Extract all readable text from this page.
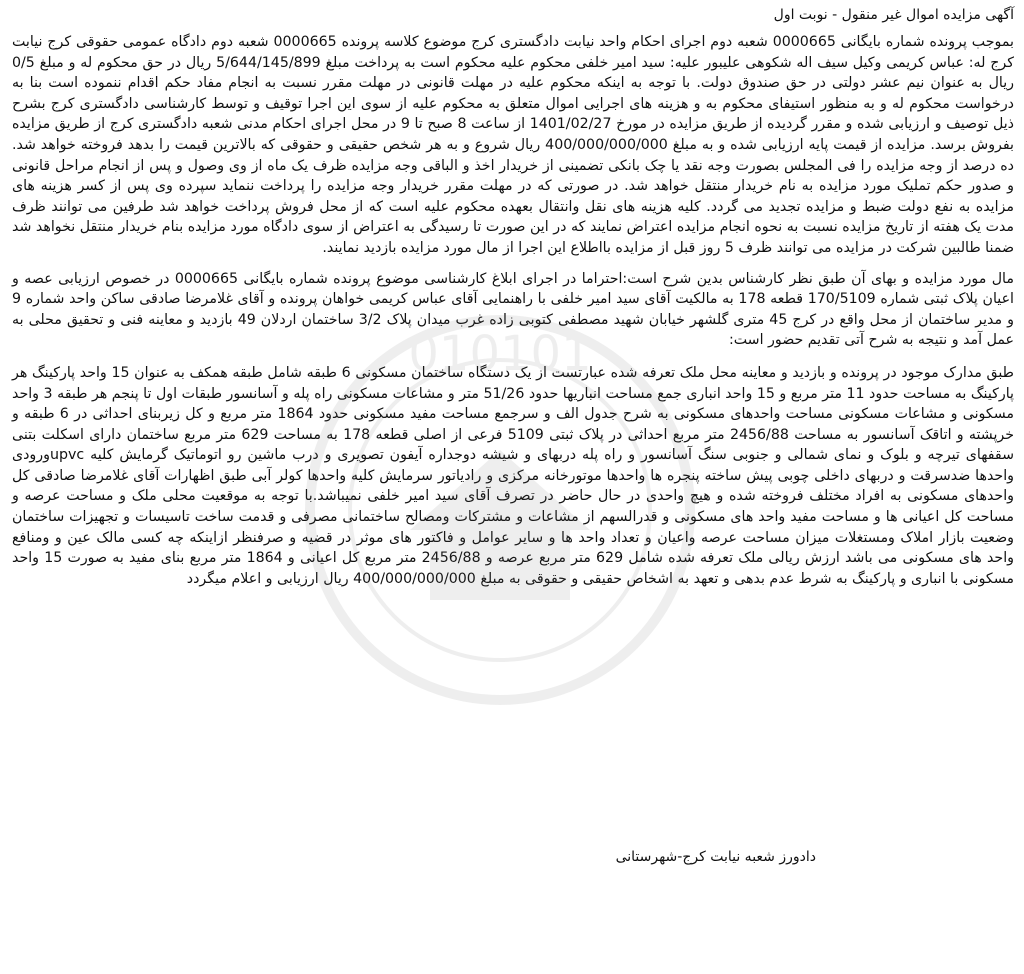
010101
آگهی مزایده اموال غیر منقول - نوبت اول

بموجب پرونده شماره بایگانی 0000665 شعبه دوم اجرای احکام واحد نیابت دادگستری کرج موضوع کلاسه پرونده 0000665 شعبه دوم دادگاه عمومی حقوقی کرج نیابت کرج له: عباس کریمی وکیل سیف اله شکوهی علیبور علیه: سید امیر خلفی محکوم علیه محکوم است به پرداخت مبلغ 5/644/145/899 ریال در حق محکوم له و مبلغ 0/5 ریال به عنوان نیم عشر دولتی در حق صندوق دولت. با توجه به اینکه محکوم علیه در مهلت قانونی در مهلت مقرر نسبت به انجام مفاد حکم اقدام ننموده است بنا به درخواست محکوم له و به منظور استیفای محکوم به و هزینه های اجرایی اموال متعلق به محکوم علیه از سوی این اجرا توقیف و توسط کارشناسی دادگستری کرج بشرح ذیل توصیف و ارزیابی شده و مقرر گردیده از طریق مزایده در مورخ 1401/02/27 از ساعت 8 صبح تا 9 در محل اجرای احکام مدنی شعبه دادگستری کرج از طریق مزایده بفروش برسد. مزایده از قیمت پایه ارزیابی شده و به مبلغ 400/000/000/000 ریال شروع و به هر شخص حقیقی و حقوقی که بالاترین قیمت را بدهد فروخته خواهد شد. ده درصد از وجه مزایده را فی المجلس بصورت وجه نقد یا چک بانکی تضمینی از خریدار اخذ و الباقی وجه مزایده ظرف یک ماه از وی وصول و پس از انجام مراحل قانونی و صدور حکم تملیک مورد مزایده به نام خریدار منتقل خواهد شد. در صورتی که در مهلت مقرر خریدار وجه مزایده را پرداخت ننماید سپرده وی پس از کسر هزینه های مزایده به نفع دولت ضبط و مزایده تجدید می گردد. کلیه هزینه های نقل وانتقال بعهده محکوم علیه است که از محل فروش پرداخت خواهد شد طرفین می توانند ظرف مدت یک هفته از تاریخ مزایده نسبت به نحوه انجام مزایده اعتراض نمایند که در این صورت تا رسیدگی به اعتراض از سوی دادگاه مورد مزایده بنام خریدار منتقل نخواهد شد ضمنا طالبین شرکت در مزایده می توانند ظرف 5 روز قبل از مزایده بااطلاع این اجرا از مال مورد مزایده بازدید نمایند.

مال مورد مزایده و بهای آن طبق نظر کارشناس بدین شرح است:احتراما در اجرای ابلاغ کارشناسی موضوع پرونده شماره بایگانی 0000665 در خصوص ارزیابی عصه و اعیان پلاک ثبتی شماره 170/5109 قطعه 178 به مالکیت آقای سید امیر خلفی با راهنمایی آقای عباس کریمی خواهان پرونده و آقای غلامرضا صادقی ساکن واحد شماره 9 و مدیر ساختمان از محل واقع در کرج 45 متری گلشهر خیابان شهید مصطفی کتوبی زاده غرب میدان پلاک 3/2 ساختمان اردلان 49 بازدید و معاینه فنی و تحقیق محلی به عمل آمد و نتیجه به شرح آتی تقدیم حضور است:

طبق مدارک موجود در پرونده و بازدید و معاینه محل ملک تعرفه شده عبارتست از یک دستگاه ساختمان مسکونی 6 طبقه شامل طبقه همکف به عنوان 15 واحد پارکینگ هر پارکینگ به مساحت حدود 11 متر مربع و 15 واحد انباری جمع مساحت انباریها حدود 51/26 متر و مشاعات مسکونی راه پله و آسانسور طبقات اول تا پنجم هر طبقه 3 واحد مسکونی و مشاعات مسکونی مساحت واحدهای مسکونی به شرح جدول الف و سرجمع مساحت مفید مسکونی حدود 1864 متر مربع و کل زیربنای احداثی در 6 طبقه و خرپشته و اتاقک آسانسور به مساحت 2456/88 متر مربع احداثی در پلاک ثبتی 5109 فرعی از اصلی قطعه 178 به مساحت 629 متر مربع ساختمان دارای اسکلت بتنی سقفهای تیرچه و بلوک و نمای شمالی و جنوبی سنگ آسانسور و راه پله دربهای و شیشه دوجداره آیفون تصویری و درب ماشین رو اتوماتیک گرمایش کلیه upvcورودی واحدها ضدسرقت و دربهای داخلی چوبی پیش ساخته پنجره ها واحدها موتورخانه مرکزی و رادیاتور سرمایش کلیه واحدها کولر آبی طبق اظهارات آقای غلامرضا صادقی کل واحدهای مسکونی به افراد مختلف فروخته شده و هیچ واحدی در حال حاضر در تصرف آقای سید امیر خلفی نمیباشد.با توجه به موقعیت محلی ملک و مساحت عرصه و مساحت کل اعیانی ها و مساحت مفید واحد های مسکونی و قدرالسهم از مشاعات و مشترکات ومصالح ساختمانی مصرفی و قدمت ساخت تاسیسات و تجهیزات ساختمان وضعیت بازار املاک ومستغلات میزان مساحت عرصه واعیان و تعداد واحد ها و سایر عوامل و فاکتور های موثر در قضیه و صرفنظر ازاینکه چه کسی مالک عین و ومنافع واحد های مسکونی می باشد ارزش ریالی ملک تعرفه شده شامل 629 متر مربع عرصه و 2456/88 متر مربع کل اعیانی و 1864 متر مربع بنای مفید به صورت 15 واحد مسکونی با انباری و پارکینگ به شرط عدم بدهی و تعهد به اشخاص حقیقی و حقوقی به مبلغ 400/000/000/000 ریال ارزیابی و اعلام میگردد

دادورز شعبه نیابت کرج-شهرستانی
